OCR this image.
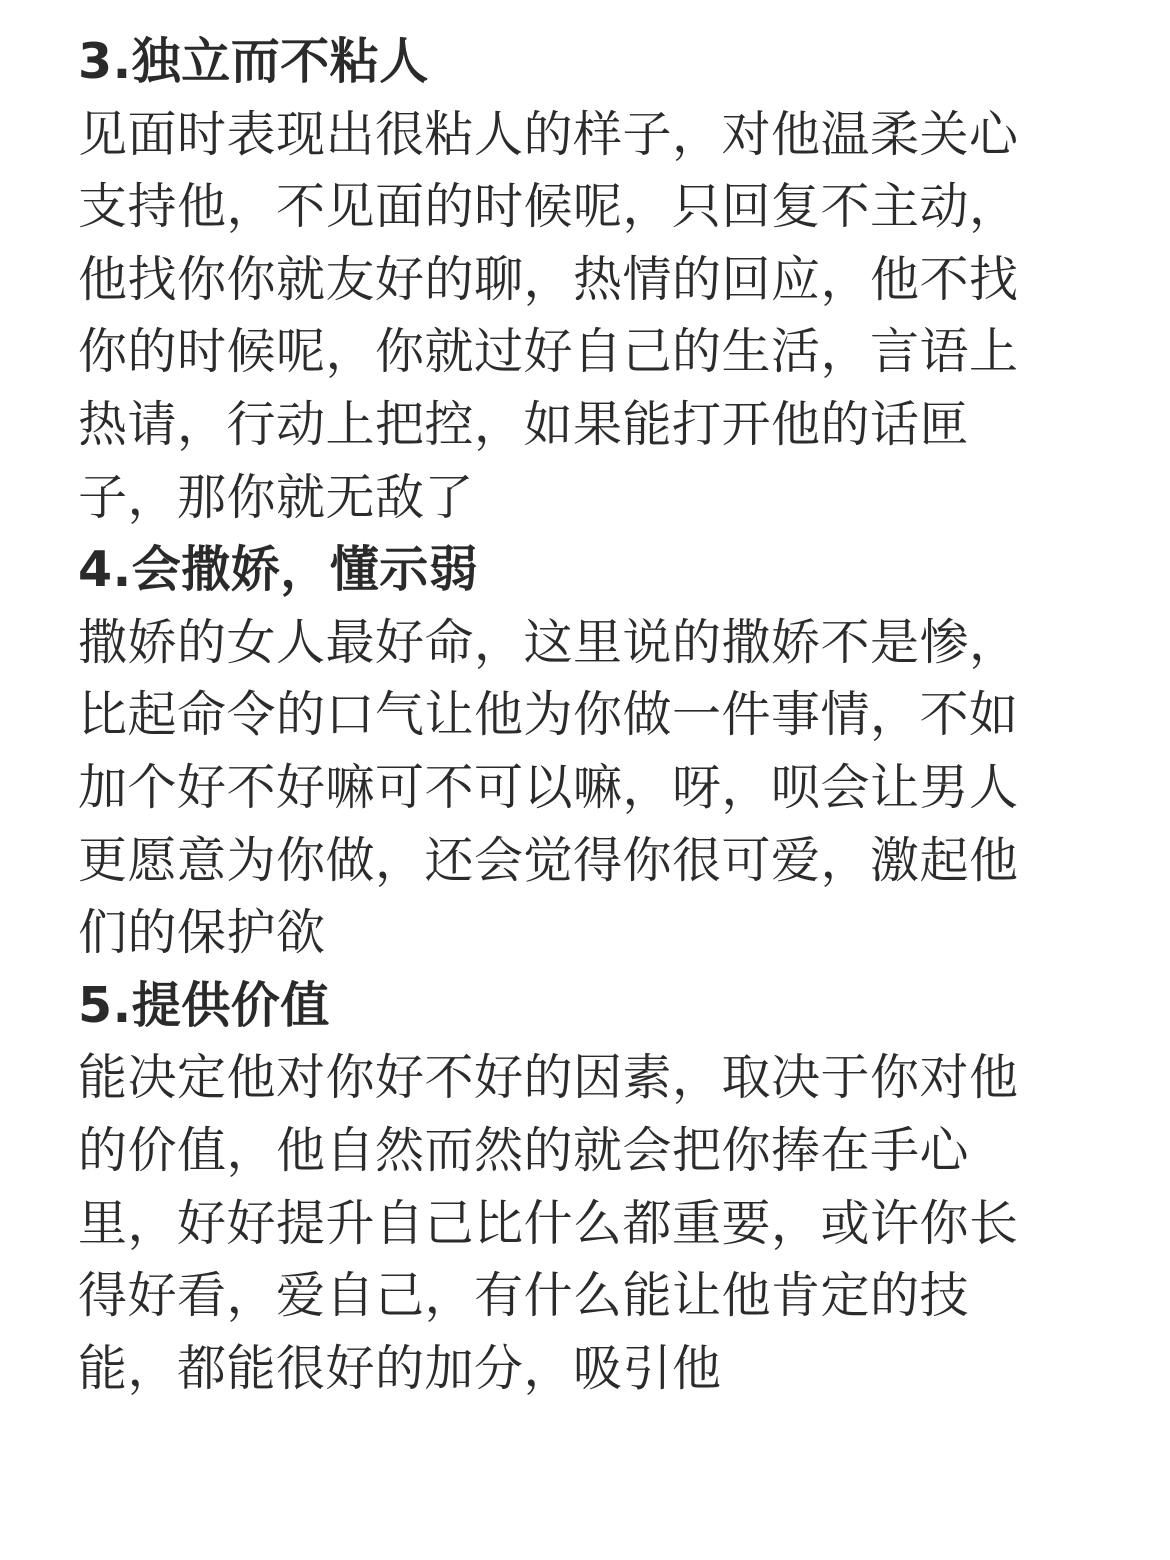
3.独立而不粘人
见面时表现出很粘人的样子，对他温柔关心
支持他，不见面的时候呢，只回复不主动，
他找你你就友好的聊，热情的回应，他不找
你的时候呢，你就过好自己的生活，言语上
热请，行动上把控，如果能打开他的话匣
子，那你就无敌了
4.会撒娇，懂示弱
撒娇的女人最好命，这里说的撒娇不是惨，
比起命令的口气让他为你做一件事情，不如
加个好不好嘛可不可以嘛，呀，呗会让男人
更愿意为你做，还会觉得你很可爱，激起他
们的保护欲
5.提供价值
能决定他对你好不好的因素，取决于你对他
的价值，他自然而然的就会把你捧在手心
里，好好提升自己比什么都重要，或许你长
得好看，爱自己，有什么能让他肯定的技
能，都能很好的加分，吸引他
